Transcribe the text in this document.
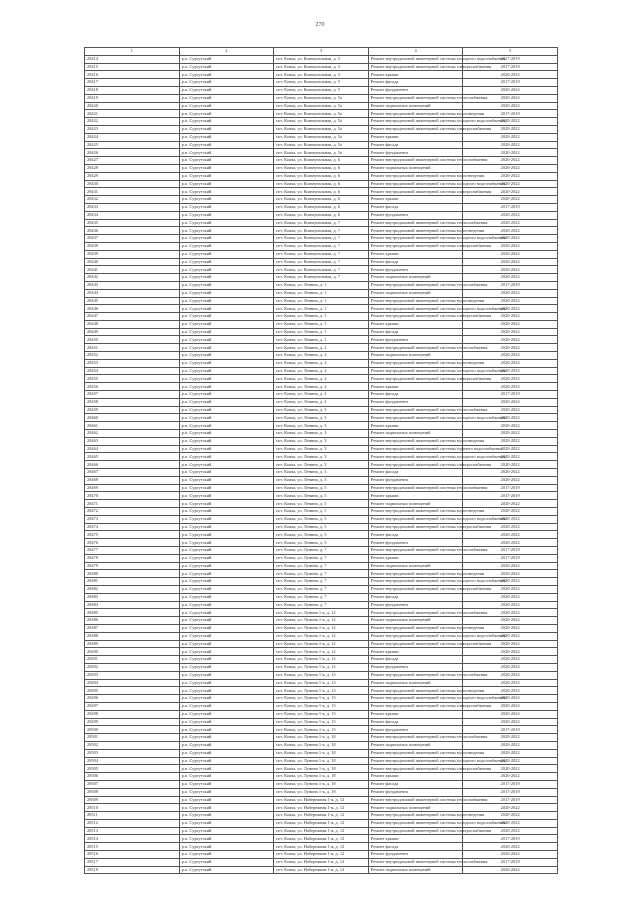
270
1	2	3	4	5
28414	р.п. Сургутский	пгт. Кояча, ул. Коммунальная, д. 5	Ремонт внутридомовой инженерной системы холодного водоснабжения	2017-2019
28415	р.п. Сургутский	пгт. Кояча, ул. Коммунальная, д. 5	Ремонт внутридомовой инженерной системы электроснабжения	2017-2019
28416	р.п. Сургутский	пгт. Кояча, ул. Коммунальная, д. 5	Ремонт крыши	2020-2022
28417	р.п. Сургутский	пгт. Кояча, ул. Коммунальная, д. 5	Ремонт фасада	2017-2019
28418	р.п. Сургутский	пгт. Кояча, ул. Коммунальная, д. 5	Ремонт фундамента	2020-2022
28419	р.п. Сургутский	пгт. Кояча, ул. Коммунальная, д. 5а	Ремонт внутридомовой инженерной системы теплоснабжения	2020-2022
28420	р.п. Сургутский	пгт. Кояча, ул. Коммунальная, д. 5а	Ремонт подвальных помещений	2020-2022
28421	р.п. Сургутский	пгт. Кояча, ул. Коммунальная, д. 5а	Ремонт внутридомовой инженерной системы водоотведения	2017-2019
28422	р.п. Сургутский	пгт. Кояча, ул. Коммунальная, д. 5а	Ремонт внутридомовой инженерной системы холодного водоснабжения	2020-2022
28423	р.п. Сургутский	пгт. Кояча, ул. Коммунальная, д. 5а	Ремонт внутридомовой инженерной системы электроснабжения	2020-2022
28424	р.п. Сургутский	пгт. Кояча, ул. Коммунальная, д. 5а	Ремонт крыши	2020-2022
28425	р.п. Сургутский	пгт. Кояча, ул. Коммунальная, д. 5а	Ремонт фасада	2020-2022
28426	р.п. Сургутский	пгт. Кояча, ул. Коммунальная, д. 5а	Ремонт фундамента	2020-2022
28427	р.п. Сургутский	пгт. Кояча, ул. Коммунальная, д. 6	Ремонт внутридомовой инженерной системы теплоснабжения	2020-2022
28428	р.п. Сургутский	пгт. Кояча, ул. Коммунальная, д. 6	Ремонт подвальных помещений	2020-2022
28429	р.п. Сургутский	пгт. Кояча, ул. Коммунальная, д. 6	Ремонт внутридомовой инженерной системы водоотведения	2020-2022
28430	р.п. Сургутский	пгт. Кояча, ул. Коммунальная, д. 6	Ремонт внутридомовой инженерной системы холодного водоснабжения	2020-2022
28431	р.п. Сургутский	пгт. Кояча, ул. Коммунальная, д. 6	Ремонт внутридомовой инженерной системы электроснабжения	2020-2022
28432	р.п. Сургутский	пгт. Кояча, ул. Коммунальная, д. 6	Ремонт крыши	2020-2022
28433	р.п. Сургутский	пгт. Кояча, ул. Коммунальная, д. 6	Ремонт фасада	2017-2019
28434	р.п. Сургутский	пгт. Кояча, ул. Коммунальная, д. 6	Ремонт фундамента	2020-2022
28435	р.п. Сургутский	пгт. Кояча, ул. Коммунальная, д. 7	Ремонт внутридомовой инженерной системы теплоснабжения	2020-2022
28436	р.п. Сургутский	пгт. Кояча, ул. Коммунальная, д. 7	Ремонт внутридомовой инженерной системы водоотведения	2020-2022
28437	р.п. Сургутский	пгт. Кояча, ул. Коммунальная, д. 7	Ремонт внутридомовой инженерной системы холодного водоснабжения	2020-2022
28438	р.п. Сургутский	пгт. Кояча, ул. Коммунальная, д. 7	Ремонт внутридомовой инженерной системы электроснабжения	2020-2022
28439	р.п. Сургутский	пгт. Кояча, ул. Коммунальная, д. 7	Ремонт крыши	2020-2022
28440	р.п. Сургутский	пгт. Кояча, ул. Коммунальная, д. 7	Ремонт фасада	2020-2022
28441	р.п. Сургутский	пгт. Кояча, ул. Коммунальная, д. 7	Ремонт фундамента	2020-2022
28442	р.п. Сургутский	пгт. Кояча, ул. Коммунальная, д. 7	Ремонт подвальных помещений	2020-2022
28443	р.п. Сургутский	пгт. Кояча, ул. Ленина, д. 1	Ремонт внутридомовой инженерной системы теплоснабжения	2017-2019
28444	р.п. Сургутский	пгт. Кояча, ул. Ленина, д. 1	Ремонт подвальных помещений	2020-2022
28445	р.п. Сургутский	пгт. Кояча, ул. Ленина, д. 1	Ремонт внутридомовой инженерной системы водоотведения	2020-2022
28446	р.п. Сургутский	пгт. Кояча, ул. Ленина, д. 1	Ремонт внутридомовой инженерной системы холодного водоснабжения	2020-2022
28447	р.п. Сургутский	пгт. Кояча, ул. Ленина, д. 1	Ремонт внутридомовой инженерной системы электроснабжения	2020-2022
28448	р.п. Сургутский	пгт. Кояча, ул. Ленина, д. 1	Ремонт крыши	2020-2022
28449	р.п. Сургутский	пгт. Кояча, ул. Ленина, д. 1	Ремонт фасада	2020-2022
28450	р.п. Сургутский	пгт. Кояча, ул. Ленина, д. 1	Ремонт фундамента	2020-2022
28451	р.п. Сургутский	пгт. Кояча, ул. Ленина, д. 2	Ремонт внутридомовой инженерной системы теплоснабжения	2020-2022
28452	р.п. Сургутский	пгт. Кояча, ул. Ленина, д. 2	Ремонт подвальных помещений	2020-2022
28453	р.п. Сургутский	пгт. Кояча, ул. Ленина, д. 2	Ремонт внутридомовой инженерной системы водоотведения	2020-2022
28454	р.п. Сургутский	пгт. Кояча, ул. Ленина, д. 2	Ремонт внутридомовой инженерной системы холодного водоснабжения	2020-2022
28455	р.п. Сургутский	пгт. Кояча, ул. Ленина, д. 2	Ремонт внутридомовой инженерной системы электроснабжения	2020-2022
28456	р.п. Сургутский	пгт. Кояча, ул. Ленина, д. 2	Ремонт крыши	2020-2022
28457	р.п. Сургутский	пгт. Кояча, ул. Ленина, д. 2	Ремонт фасада	2017-2019
28458	р.п. Сургутский	пгт. Кояча, ул. Ленина, д. 2	Ремонт фундамента	2020-2022
28459	р.п. Сургутский	пгт. Кояча, ул. Ленина, д. 3	Ремонт внутридомовой инженерной системы теплоснабжения	2020-2022
28460	р.п. Сургутский	пгт. Кояча, ул. Ленина, д. 3	Ремонт внутридомовой инженерной системы холодного водоснабжения	2020-2022
28461	р.п. Сургутский	пгт. Кояча, ул. Ленина, д. 3	Ремонт крыши	2020-2022
28462	р.п. Сургутский	пгт. Кояча, ул. Ленина, д. 3	Ремонт подвальных помещений	2020-2022
28463	р.п. Сургутский	пгт. Кояча, ул. Ленина, д. 3	Ремонт внутридомовой инженерной системы водоотведения	2020-2022
28464	р.п. Сургутский	пгт. Кояча, ул. Ленина, д. 3	Ремонт внутридомовой инженерной системы горячего водоснабжения	2020-2022
28465	р.п. Сургутский	пгт. Кояча, ул. Ленина, д. 3	Ремонт внутридомовой инженерной системы холодного водоснабжения	2020-2022
28466	р.п. Сургутский	пгт. Кояча, ул. Ленина, д. 3	Ремонт внутридомовой инженерной системы электроснабжения	2020-2022
28467	р.п. Сургутский	пгт. Кояча, ул. Ленина, д. 3	Ремонт фасада	2020-2022
28468	р.п. Сургутский	пгт. Кояча, ул. Ленина, д. 3	Ремонт фундамента	2020-2022
28469	р.п. Сургутский	пгт. Кояча, ул. Ленина, д. 5	Ремонт внутридомовой инженерной системы теплоснабжения	2017-2019
28470	р.п. Сургутский	пгт. Кояча, ул. Ленина, д. 5	Ремонт крыши	2017-2019
28471	р.п. Сургутский	пгт. Кояча, ул. Ленина, д. 5	Ремонт подвальных помещений	2020-2022
28472	р.п. Сургутский	пгт. Кояча, ул. Ленина, д. 5	Ремонт внутридомовой инженерной системы водоотведения	2020-2022
28473	р.п. Сургутский	пгт. Кояча, ул. Ленина, д. 5	Ремонт внутридомовой инженерной системы холодного водоснабжения	2020-2022
28474	р.п. Сургутский	пгт. Кояча, ул. Ленина, д. 5	Ремонт внутридомовой инженерной системы электроснабжения	2020-2022
28475	р.п. Сургутский	пгт. Кояча, ул. Ленина, д. 5	Ремонт фасада	2020-2022
28476	р.п. Сургутский	пгт. Кояча, ул. Ленина, д. 5	Ремонт фундамента	2020-2022
28477	р.п. Сургутский	пгт. Кояча, ул. Лунина, д. 7	Ремонт внутридомовой инженерной системы теплоснабжения	2017-2019
28478	р.п. Сургутский	пгт. Кояча, ул. Лунина, д. 7	Ремонт крыши	2017-2019
28479	р.п. Сургутский	пгт. Кояча, ул. Лунина, д. 7	Ремонт подвальных помещений	2020-2022
28480	р.п. Сургутский	пгт. Кояча, ул. Лунина, д. 7	Ремонт внутридомовой инженерной системы водоотведения	2020-2022
28481	р.п. Сургутский	пгт. Кояча, ул. Лунина, д. 7	Ремонт внутридомовой инженерной системы холодного водоснабжения	2020-2022
28482	р.п. Сургутский	пгт. Кояча, ул. Лунина, д. 7	Ремонт внутридомовой инженерной системы электроснабжения	2020-2022
28483	р.п. Сургутский	пгт. Кояча, ул. Лунина, д. 7	Ремонт фасада	2020-2022
28484	р.п. Сургутский	пгт. Кояча, ул. Лунина, д. 7	Ремонт фундамента	2020-2022
28485	р.п. Сургутский	пгт. Кояча, ул. Лунина 1-я, д. 12	Ремонт внутридомовой инженерной системы теплоснабжения	2020-2022
28486	р.п. Сургутский	пгт. Кояча, ул. Лунина 1-я, д. 12	Ремонт подвальных помещений	2020-2022
28487	р.п. Сургутский	пгт. Кояча, ул. Лунина 1-я, д. 12	Ремонт внутридомовой инженерной системы водоотведения	2020-2022
28488	р.п. Сургутский	пгт. Кояча, ул. Лунина 1-я, д. 12	Ремонт внутридомовой инженерной системы холодного водоснабжения	2020-2022
28489	р.п. Сургутский	пгт. Кояча, ул. Лунина 1-я, д. 12	Ремонт внутридомовой инженерной системы электроснабжения	2020-2022
28490	р.п. Сургутский	пгт. Кояча, ул. Лунина 1-я, д. 12	Ремонт крыши	2020-2022
28491	р.п. Сургутский	пгт. Кояча, ул. Лунина 1-я, д. 12	Ремонт фасада	2020-2022
28492	р.п. Сургутский	пгт. Кояча, ул. Лунина 1-я, д. 12	Ремонт фундамента	2020-2022
28493	р.п. Сургутский	пгт. Кояча, ул. Лунина 1-я, д. 13	Ремонт внутридомовой инженерной системы теплоснабжения	2020-2022
28494	р.п. Сургутский	пгт. Кояча, ул. Лунина 1-я, д. 13	Ремонт подвальных помещений	2020-2022
28495	р.п. Сургутский	пгт. Кояча, ул. Лунина 1-я, д. 13	Ремонт внутридомовой инженерной системы водоотведения	2020-2022
28496	р.п. Сургутский	пгт. Кояча, ул. Лунина 1-я, д. 13	Ремонт внутридомовой инженерной системы холодного водоснабжения	2020-2022
28497	р.п. Сургутский	пгт. Кояча, ул. Лунина 1-я, д. 13	Ремонт внутридомовой инженерной системы электроснабжения	2020-2022
28498	р.п. Сургутский	пгт. Кояча, ул. Лунина 1-я, д. 13	Ремонт крыши	2020-2022
28499	р.п. Сургутский	пгт. Кояча, ул. Лунина 1-я, д. 13	Ремонт фасада	2020-2022
28500	р.п. Сургутский	пгт. Кояча, ул. Лунина 1-я, д. 13	Ремонт фундамента	2017-2019
28501	р.п. Сургутский	пгт. Кояча, ул. Лунина 1-я, д. 18	Ремонт внутридомовой инженерной системы теплоснабжения	2020-2022
28502	р.п. Сургутский	пгт. Кояча, ул. Лунина 1-я, д. 18	Ремонт подвальных помещений	2020-2022
28503	р.п. Сургутский	пгт. Кояча, ул. Лунина 1-я, д. 18	Ремонт внутридомовой инженерной системы водоотведения	2020-2022
28504	р.п. Сургутский	пгт. Кояча, ул. Лунина 1-я, д. 18	Ремонт внутридомовой инженерной системы холодного водоснабжения	2020-2022
28505	р.п. Сургутский	пгт. Кояча, ул. Лунина 1-я, д. 18	Ремонт внутридомовой инженерной системы электроснабжения	2020-2022
28506	р.п. Сургутский	пгт. Кояча, ул. Лунина 1-я, д. 18	Ремонт крыши	2020-2022
28507	р.п. Сургутский	пгт. Кояча, ул. Лунина 1-я, д. 18	Ремонт фасада	2017-2019
28508	р.п. Сургутский	пгт. Кояча, ул. Лунина 1-я, д. 18	Ремонт фундамента	2017-2019
28509	р.п. Сургутский	пгт. Кояча, ул. Набережная 1-я, д. 12	Ремонт внутридомовой инженерной системы теплоснабжения	2017-2019
28510	р.п. Сургутский	пгт. Кояча, ул. Набережная 1-я, д. 12	Ремонт подвальных помещений	2020-2022
28511	р.п. Сургутский	пгт. Кояча, ул. Набережная 1-я, д. 12	Ремонт внутридомовой инженерной системы водоотведения	2020-2022
28512	р.п. Сургутский	пгт. Кояча, ул. Набережная 1-я, д. 12	Ремонт внутридомовой инженерной системы холодного водоснабжения	2020-2022
28513	р.п. Сургутский	пгт. Кояча, ул. Набережная 1-я, д. 12	Ремонт внутридомовой инженерной системы электроснабжения	2020-2022
28514	р.п. Сургутский	пгт. Кояча, ул. Набережная 1-я, д. 12	Ремонт крыши	2017-2019
28515	р.п. Сургутский	пгт. Кояча, ул. Набережная 1-я, д. 12	Ремонт фасада	2020-2022
28516	р.п. Сургутский	пгт. Кояча, ул. Набережная 1-я, д. 12	Ремонт фундамента	2020-2022
28517	р.п. Сургутский	пгт. Кояча, ул. Набережная 1-я, д. 14	Ремонт внутридомовой инженерной системы теплоснабжения	2017-2019
28518	р.п. Сургутский	пгт. Кояча, ул. Набережная 1-я, д. 14	Ремонт подвальных помещений	2020-2022
